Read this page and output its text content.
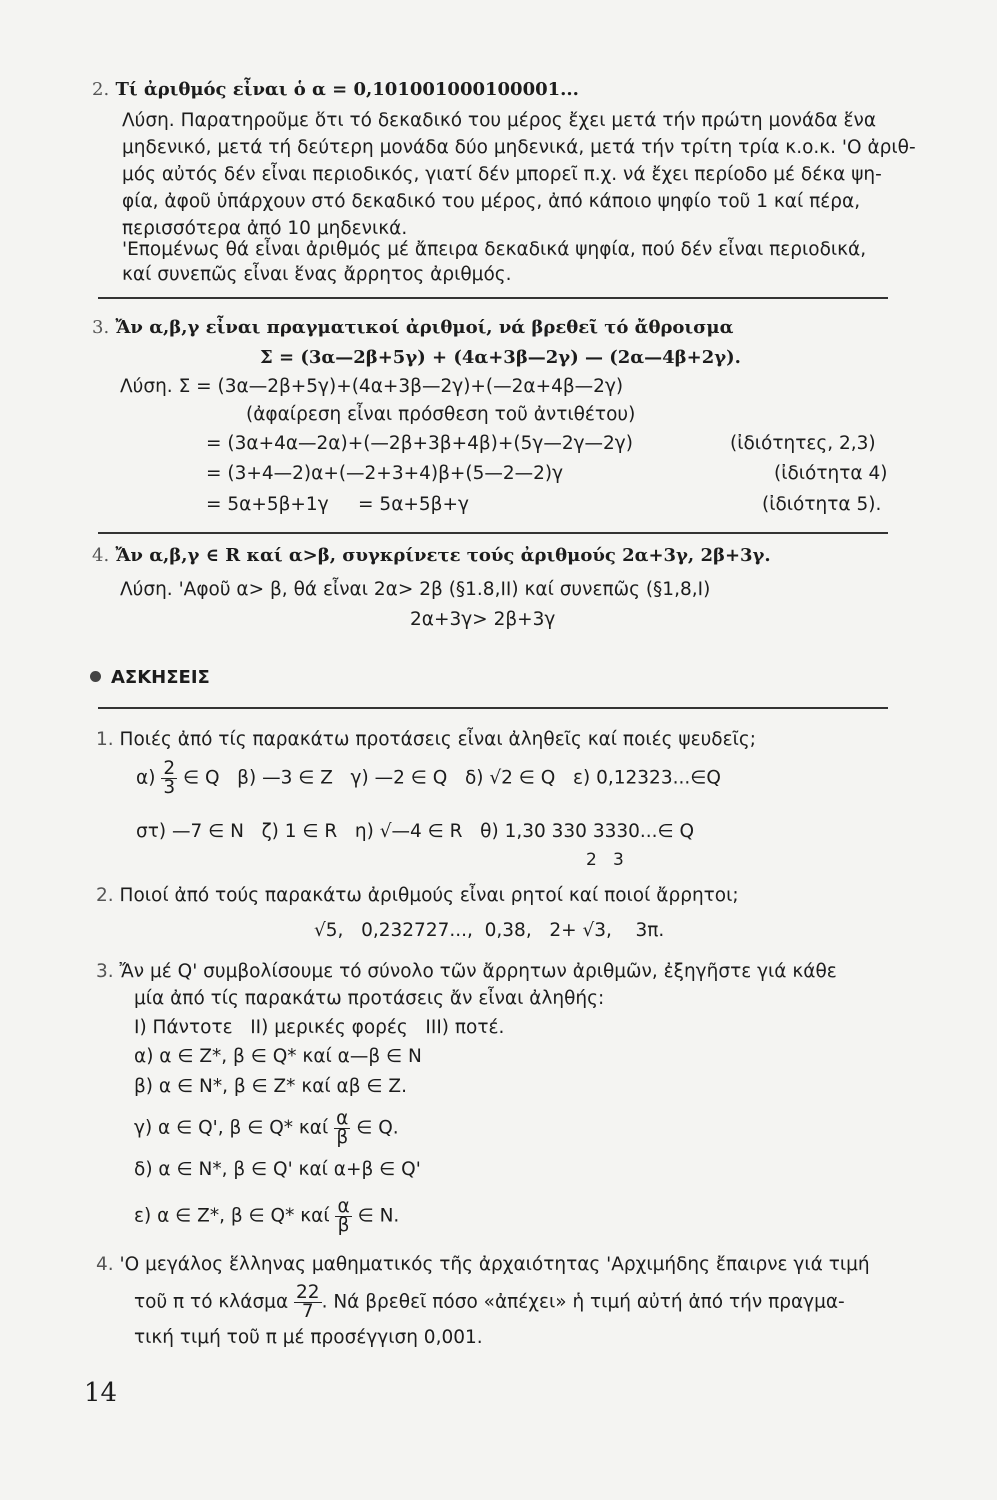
2. Τί ἀριθμός εἶναι ὁ α = 0,101001000100001...
Λύση. Παρατηροῦμε ὅτι τό δεκαδικό του μέρος ἔχει μετά τήν πρώτη μονάδα ἕνα
μηδενικό, μετά τή δεύτερη μονάδα δύο μηδενικά, μετά τήν τρίτη τρία κ.ο.κ. 'Ο ἀριθ-
μός αὐτός δέν εἶναι περιοδικός, γιατί δέν μπορεῖ π.χ. νά ἔχει περίοδο μέ δέκα ψη-
φία, ἀφοῦ ὑπάρχουν στό δεκαδικό του μέρος, ἀπό κάποιο ψηφίο τοῦ 1 καί πέρα,
περισσότερα ἀπό 10 μηδενικά.
'Επομένως θά εἶναι ἀριθμός μέ ἄπειρα δεκαδικά ψηφία, πού δέν εἶναι περιοδικά,
καί συνεπῶς εἶναι ἕνας ἄρρητος ἀριθμός.
3. Ἄν α,β,γ εἶναι πραγματικοί ἀριθμοί, νά βρεθεῖ τό ἄθροισμα
Σ = (3α—2β+5γ) + (4α+3β—2γ) — (2α—4β+2γ).
Λύση. Σ = (3α—2β+5γ)+(4α+3β—2γ)+(—2α+4β—2γ)
(ἀφαίρεση εἶναι πρόσθεση τοῦ ἀντιθέτου)
= (3α+4α—2α)+(—2β+3β+4β)+(5γ—2γ—2γ)	(ἰδιότητες, 2,3)
= (3+4—2)α+(—2+3+4)β+(5—2—2)γ	(ἰδιότητα 4)
= 5α+5β+1γ     = 5α+5β+γ	(ἰδιότητα 5).
4. Ἄν α,β,γ ∈ R καί α>β, συγκρίνετε τούς ἀριθμούς 2α+3γ, 2β+3γ.
Λύση. 'Αφοῦ α> β, θά εἶναι 2α> 2β (§1.8,ΙΙ) καί συνεπῶς (§1,8,Ι)
2α+3γ> 2β+3γ
ΑΣΚΗΣΕΙΣ
1. Ποιές ἀπό τίς παρακάτω προτάσεις εἶναι ἀληθεῖς καί ποιές ψευδεῖς;
$\alpha) \frac{2}{3}$ ∈ Q   β) —3 ∈ Z   γ) —2 ∈ Q   δ) √2 ∈ Q   ε) 0,12323...∈Q
στ) —7 ∈ N   ζ) 1 ∈ R   η) √—4 ∈ R   θ) 1,30 330 3330...∈ Q
2   3
2. Ποιοί ἀπό τούς παρακάτω ἀριθμούς εἶναι ρητοί καί ποιοί ἄρρητοι;
√5,   0,232727...,  0,38,   2+ √3,    3π.
3. Ἄν μέ Q' συμβολίσουμε τό σύνολο τῶν ἄρρητων ἀριθμῶν, ἐξηγῆστε γιά κάθε
μία ἀπό τίς παρακάτω προτάσεις ἄν εἶναι ἀληθής:
Ι) Πάντοτε   ΙΙ) μερικές φορές   ΙΙΙ) ποτέ.
α) α ∈ Z*, β ∈ Q* καί α—β ∈ N
β) α ∈ N*, β ∈ Z* καί αβ ∈ Z.
γ) α ∈ Q', β ∈ Q* καί $\frac{\alpha}{\beta}$ ∈ Q.
δ) α ∈ N*, β ∈ Q' καί α+β ∈ Q'
ε) α ∈ Z*, β ∈ Q* καί $\frac{\alpha}{\beta}$ ∈ N.
4. 'Ο μεγάλος ἕλληνας μαθηματικός τῆς ἀρχαιότητας 'Αρχιμήδης ἔπαιρνε γιά τιμή
τοῦ π τό κλάσμα $\frac{22}{7}$ . Νά βρεθεῖ πόσο «ἀπέχει» ἡ τιμή αὐτή ἀπό τήν πραγμα-
τική τιμή τοῦ π μέ προσέγγιση 0,001.
14
